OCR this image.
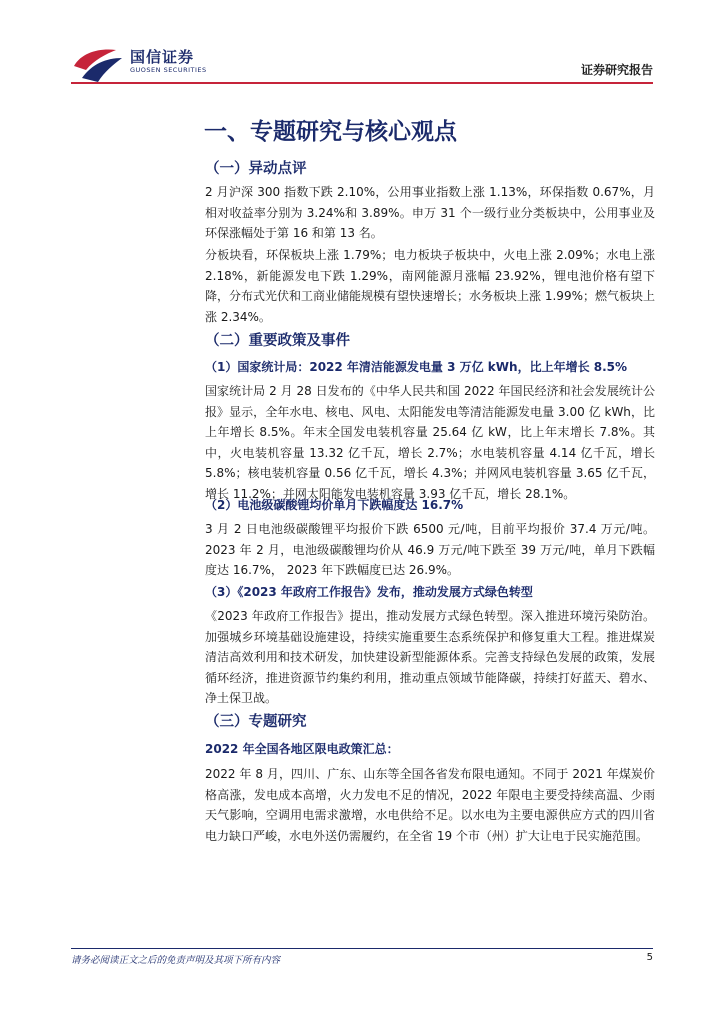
国信证券
GUOSEN SECURITIES	证券研究报告
一、专题研究与核心观点
（一）异动点评
2 月沪深 300 指数下跌 2.10%，公用事业指数上涨 1.13%，环保指数 0.67%，月相对收益率分别为 3.24%和 3.89%。申万 31 个一级行业分类板块中，公用事业及环保涨幅处于第 16 和第 13 名。
分板块看，环保板块上涨 1.79%；电力板块子板块中，火电上涨 2.09%；水电上涨 2.18%，新能源发电下跌 1.29%，南网能源月涨幅 23.92%，锂电池价格有望下降，分布式光伏和工商业储能规模有望快速增长；水务板块上涨 1.99%；燃气板块上涨 2.34%。
（二）重要政策及事件
（1）国家统计局：2022 年清洁能源发电量 3 万亿 kWh，比上年增长 8.5%
国家统计局 2 月 28 日发布的《中华人民共和国 2022 年国民经济和社会发展统计公报》显示，全年水电、核电、风电、太阳能发电等清洁能源发电量 3.00 亿 kWh，比上年增长 8.5%。年末全国发电装机容量 25.64 亿 kW，比上年末增长 7.8%。其中，火电装机容量 13.32 亿千瓦，增长 2.7%；水电装机容量 4.14 亿千瓦，增长 5.8%；核电装机容量 0.56 亿千瓦，增长 4.3%；并网风电装机容量 3.65 亿千瓦，增长 11.2%；并网太阳能发电装机容量 3.93 亿千瓦，增长 28.1%。
（2）电池级碳酸锂均价单月下跌幅度达 16.7%
3 月 2 日电池级碳酸锂平均报价下跌 6500 元/吨，目前平均报价 37.4 万元/吨。2023 年 2 月，电池级碳酸锂均价从 46.9 万元/吨下跌至 39 万元/吨，单月下跌幅度达 16.7%， 2023 年下跌幅度已达 26.9%。
（3）《2023 年政府工作报告》发布，推动发展方式绿色转型
《2023 年政府工作报告》提出，推动发展方式绿色转型。深入推进环境污染防治。加强城乡环境基础设施建设，持续实施重要生态系统保护和修复重大工程。推进煤炭清洁高效利用和技术研发，加快建设新型能源体系。完善支持绿色发展的政策，发展循环经济，推进资源节约集约利用，推动重点领域节能降碳，持续打好蓝天、碧水、净土保卫战。
（三）专题研究
2022 年全国各地区限电政策汇总：
2022 年 8 月，四川、广东、山东等全国各省发布限电通知。不同于 2021 年煤炭价格高涨，发电成本高增，火力发电不足的情况，2022 年限电主要受持续高温、少雨天气影响，空调用电需求激增，水电供给不足。以水电为主要电源供应方式的四川省电力缺口严峻，水电外送仍需履约，在全省 19 个市（州）扩大让电于民实施范围。
请务必阅读正文之后的免责声明及其项下所有内容	5
